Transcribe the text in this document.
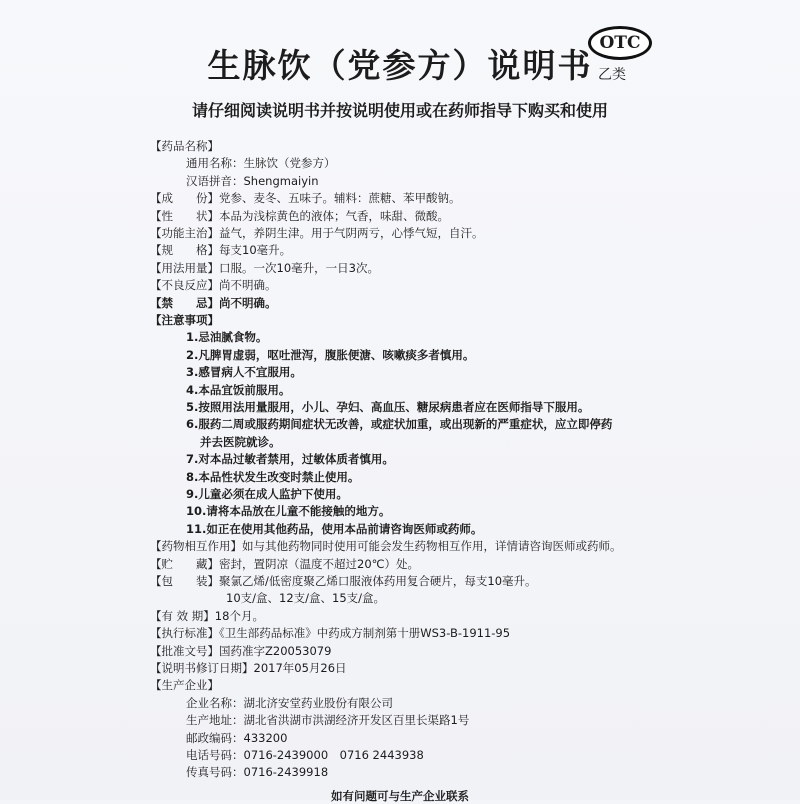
生脉饮（党参方）说明书
OTC
乙类
请仔细阅读说明书并按说明使用或在药师指导下购买和使用
【药品名称】
通用名称：生脉饮（党参方）
汉语拼音：Shengmaiyin
【成　　份】党参、麦冬、五味子。辅料：蔗糖、苯甲酸钠。
【性　　状】本品为浅棕黄色的液体；气香，味甜、微酸。
【功能主治】益气，养阴生津。用于气阴两亏，心悸气短，自汗。
【规　　格】每支10毫升。
【用法用量】口服。一次10毫升，一日3次。
【不良反应】尚不明确。
【禁　　忌】尚不明确。
【注意事项】
1.忌油腻食物。
2.凡脾胃虚弱，呕吐泄泻，腹胀便溏、咳嗽痰多者慎用。
3.感冒病人不宜服用。
4.本品宜饭前服用。
5.按照用法用量服用，小儿、孕妇、高血压、糖尿病患者应在医师指导下服用。
6.服药二周或服药期间症状无改善，或症状加重，或出现新的严重症状，应立即停药
并去医院就诊。
7.对本品过敏者禁用，过敏体质者慎用。
8.本品性状发生改变时禁止使用。
9.儿童必须在成人监护下使用。
10.请将本品放在儿童不能接触的地方。
11.如正在使用其他药品，使用本品前请咨询医师或药师。
【药物相互作用】如与其他药物同时使用可能会发生药物相互作用，详情请咨询医师或药师。
【贮　　藏】密封，置阴凉（温度不超过20℃）处。
【包　　装】聚氯乙烯/低密度聚乙烯口服液体药用复合硬片，每支10毫升。
10支/盒、12支/盒、15支/盒。
【有 效 期】18个月。
【执行标准】《卫生部药品标准》中药成方制剂第十册WS3-B-1911-95
【批准文号】国药准字Z20053079
【说明书修订日期】2017年05月26日
【生产企业】
企业名称：湖北济安堂药业股份有限公司
生产地址：湖北省洪湖市洪湖经济开发区百里长渠路1号
邮政编码：433200
电话号码：0716-2439000　0716 2443938
传真号码：0716-2439918
如有问题可与生产企业联系
